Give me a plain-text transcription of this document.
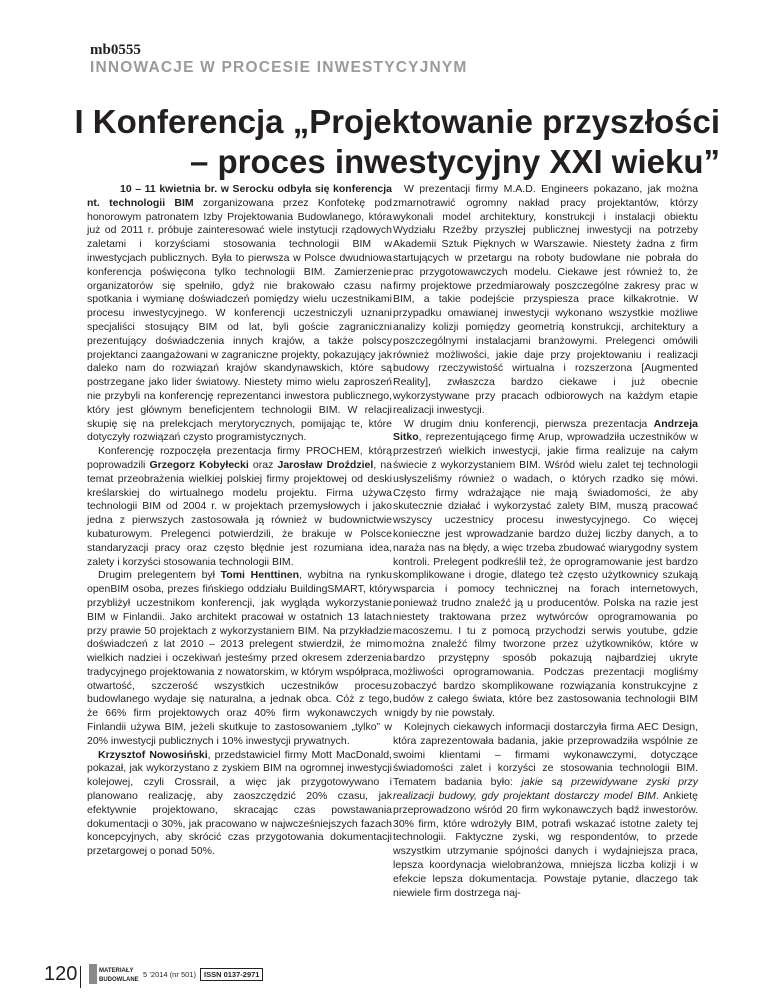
mb0555
INNOWACJE W PROCESIE INWESTYCYJNYM
I Konferencja „Projektowanie przyszłości
– proces inwestycyjny XXI wieku”

10 – 11 kwietnia br. w Serocku odbyła się konferencja nt. technologii BIM zorganizowana przez Konfotekę pod honorowym patronatem Izby Projektowania Budowlanego, która już od 2011 r. próbuje zainteresować wiele instytucji rządowych zaletami i korzyściami stosowania technologii BIM w inwestycjach publicznych. Była to pierwsza w Polsce dwudniowa konferencja poświęcona tylko technologii BIM. Zamierzenie organizatorów się spełniło, gdyż nie brakowało czasu na spotkania i wymianę doświadczeń pomiędzy wielu uczestnikami procesu inwestycyjnego. W konferencji uczestniczyli uznani specjaliści stosujący BIM od lat, byli goście zagraniczni prezentujący doświadczenia innych krajów, a także polscy projektanci zaangażowani w zagraniczne projekty, pokazujący jak daleko nam do rozwiązań krajów skandynawskich, które są postrzegane jako lider światowy. Niestety mimo wielu zaproszeń nie przybyli na konferencję reprezentanci inwestora publicznego, który jest głównym beneficjentem technologii BIM. W relacji skupię się na prelekcjach merytorycznych, pomijając te, które dotyczyły rozwiązań czysto programistycznych.

Konferencję rozpoczęła prezentacja firmy PROCHEM, którą poprowadzili Grzegorz Kobyłecki oraz Jarosław Droździel, na temat przeobrażenia wielkiej polskiej firmy projektowej od deski kreślarskiej do wirtualnego modelu projektu. Firma używa technologii BIM od 2004 r. w projektach przemysłowych i jako jedna z pierwszych zastosowała ją również w budownictwie kubaturowym. Prelegenci potwierdzili, że brakuje w Polsce standaryzacji pracy oraz często błędnie jest rozumiana idea, zalety i korzyści stosowania technologii BIM.

Drugim prelegentem był Tomi Henttinen, wybitna na rynku openBIM osoba, prezes fińskiego oddziału BuildingSMART, który przybliżył uczestnikom konferencji, jak wygląda wykorzystanie BIM w Finlandii. Jako architekt pracował w ostatnich 13 latach przy prawie 50 projektach z wykorzystaniem BIM. Na przykładzie doświadczeń z lat 2010 – 2013 prelegent stwierdził, że mimo wielkich nadziei i oczekiwań jesteśmy przed okresem zderzenia tradycyjnego projektowania z nowatorskim, w którym współpraca, otwartość, szczerość wszystkich uczestników procesu budowlanego wydaje się naturalna, a jednak obca. Cóż z tego, że 66% firm projektowych oraz 40% firm wykonawczych w Finlandii używa BIM, jeżeli skutkuje to zastosowaniem „tylko” w 20% inwestycji publicznych i 10% inwestycji prywatnych.

Krzysztof Nowosiński, przedstawiciel firmy Mott MacDonald, pokazał, jak wykorzystano z zyskiem BIM na ogromnej inwestycji kolejowej, czyli Crossrail, a więc jak przygotowywano i planowano realizację, aby zaoszczędzić 20% czasu, jak efektywnie projektowano, skracając czas powstawania dokumentacji o 30%, jak pracowano w najwcześniejszych fazach koncepcyjnych, aby skrócić czas przygotowania dokumentacji przetargowej o ponad 50%.

W prezentacji firmy M.A.D. Engineers pokazano, jak można zmarnotrawić ogromny nakład pracy projektantów, którzy wykonali model architektury, konstrukcji i instalacji obiektu Wydziału Rzeźby przyszłej publicznej inwestycji na potrzeby Akademii Sztuk Pięknych w Warszawie. Niestety żadna z firm startujących w przetargu na roboty budowlane nie pobrała do prac przygotowawczych modelu. Ciekawe jest również to, że firmy projektowe przedmiarowały poszczególne zakresy prac w BIM, a takie podejście przyspiesza prace kilkakrotnie. W przypadku omawianej inwestycji wykonano wszystkie możliwe analizy kolizji pomiędzy geometrią konstrukcji, architektury a poszczególnymi instalacjami branżowymi. Prelegenci omówili również możliwości, jakie daje przy projektowaniu i realizacji budowy rzeczywistość wirtualna i rozszerzona [Augmented Reality], zwłaszcza bardzo ciekawe i już obecnie wykorzystywane przy pracach odbiorowych na każdym etapie realizacji inwestycji.

W drugim dniu konferencji, pierwsza prezentacja Andrzeja Sitko, reprezentującego firmę Arup, wprowadziła uczestników w przestrzeń wielkich inwestycji, jakie firma realizuje na całym świecie z wykorzystaniem BIM. Wśród wielu zalet tej technologii usłyszeliśmy również o wadach, o których rzadko się mówi. Często firmy wdrażające nie mają świadomości, że aby skutecznie działać i wykorzystać zalety BIM, muszą pracować wszyscy uczestnicy procesu inwestycyjnego. Co więcej konieczne jest wprowadzanie bardzo dużej liczby danych, a to naraża nas na błędy, a więc trzeba zbudować wiarygodny system kontroli. Prelegent podkreślił też, że oprogramowanie jest bardzo skomplikowane i drogie, dlatego też często użytkownicy szukają wsparcia i pomocy technicznej na forach internetowych, ponieważ trudno znaleźć ją u producentów. Polska na razie jest niestety traktowana przez wytwórców oprogramowania po macoszemu. I tu z pomocą przychodzi serwis youtube, gdzie można znaleźć filmy tworzone przez użytkowników, które w bardzo przystępny sposób pokazują najbardziej ukryte możliwości oprogramowania. Podczas prezentacji mogliśmy zobaczyć bardzo skomplikowane rozwiązania konstrukcyjne z budów z całego świata, które bez zastosowania technologii BIM nigdy by nie powstały.

Kolejnych ciekawych informacji dostarczyła firma AEC Design, która zaprezentowała badania, jakie przeprowadziła wspólnie ze swoimi klientami – firmami wykonawczymi, dotyczące świadomości zalet i korzyści ze stosowania technologii BIM. Tematem badania było: jakie są przewidywane zyski przy realizacji budowy, gdy projektant dostarczy model BIM. Ankietę przeprowadzono wśród 20 firm wykonawczych bądź inwestorów. 30% firm, które wdrożyły BIM, potrafi wskazać istotne zalety tej technologii. Faktyczne zyski, wg respondentów, to przede wszystkim utrzymanie spójności danych i wydajniejsza praca, lepsza koordynacja wielobranżowa, mniejsza liczba kolizji i w efekcie lepsza dokumentacja. Powstaje pytanie, dlaczego tak niewiele firm dostrzega naj-

120	MATERIAŁY
BUDOWLANE
5 ’2014 (nr 501)	ISSN 0137-2971
